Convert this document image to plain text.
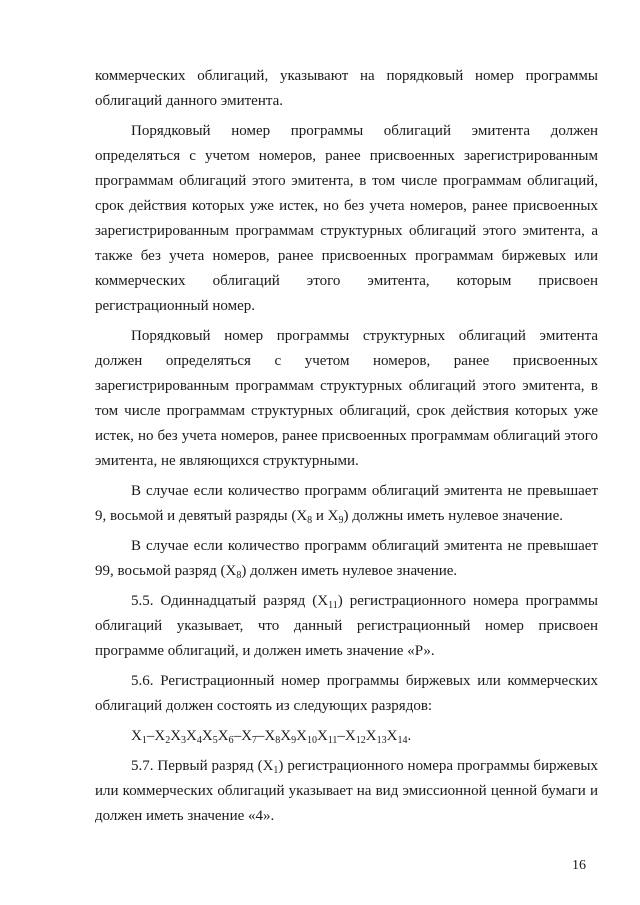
коммерческих облигаций, указывают на порядковый номер программы облигаций данного эмитента.

Порядковый номер программы облигаций эмитента должен определяться с учетом номеров, ранее присвоенных зарегистрированным программам облигаций этого эмитента, в том числе программам облигаций, срок действия которых уже истек, но без учета номеров, ранее присвоенных зарегистрированным программам структурных облигаций этого эмитента, а также без учета номеров, ранее присвоенных программам биржевых или коммерческих облигаций этого эмитента, которым присвоен регистрационный номер.

Порядковый номер программы структурных облигаций эмитента должен определяться с учетом номеров, ранее присвоенных зарегистрированным программам структурных облигаций этого эмитента, в том числе программам структурных облигаций, срок действия которых уже истек, но без учета номеров, ранее присвоенных программам облигаций этого эмитента, не являющихся структурными.

В случае если количество программ облигаций эмитента не превышает 9, восьмой и девятый разряды ($X_8$ и $X_9$) должны иметь нулевое значение.

В случае если количество программ облигаций эмитента не превышает 99, восьмой разряд $(X_8)$ должен иметь нулевое значение.

5.5. Одиннадцатый разряд $(X_{11})$ регистрационного номера программы облигаций указывает, что данный регистрационный номер присвоен программе облигаций, и должен иметь значение «Р».

5.6. Регистрационный номер программы биржевых или коммерческих облигаций должен состоять из следующих разрядов:

$X_1-X_2X_3X_4X_5X_6-X_7-X_8X_9X_{10}X_{11}-X_{12}X_{13}X_{14}$.

5.7. Первый разряд $(X_1)$ регистрационного номера программы биржевых или коммерческих облигаций указывает на вид эмиссионной ценной бумаги и должен иметь значение «4».

16
